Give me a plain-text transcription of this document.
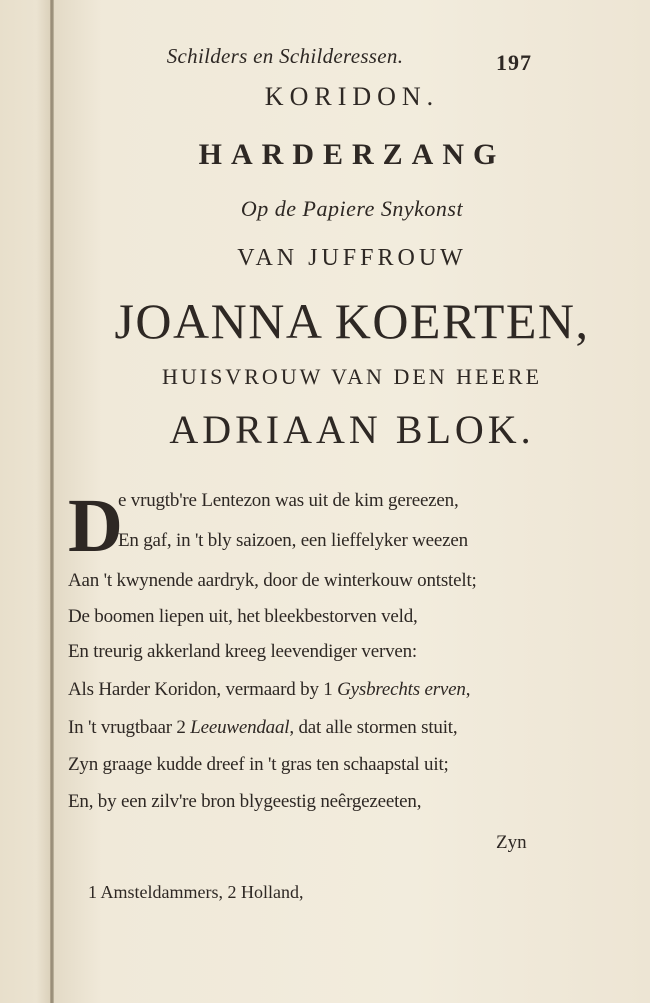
Schilders en Schilderessen.	197
KORIDON.
HARDERZANG
Op de Papiere Snykonst
VAN JUFFROUW
JOANNA KOERTEN,
HUISVROUW VAN DEN HEERE
ADRIAAN BLOK.
D
e vrugtb're Lentezon was uit de kim gereezen,
En gaf, in 't bly saizoen, een lieffelyker weezen
Aan 't kwynende aardryk, door de winterkouw ontstelt;
De boomen liepen uit, het bleekbestorven veld,
En treurig akkerland kreeg leevendiger verven:
Als Harder Koridon, vermaard by 1 Gysbrechts erven,
In 't vrugtbaar 2 Leeuwendaal, dat alle stormen stuit,
Zyn graage kudde dreef in 't gras ten schaapstal uit;
En, by een zilv're bron blygeestig neêrgezeeten,
Zyn
1 Amsteldammers, 2 Holland,
